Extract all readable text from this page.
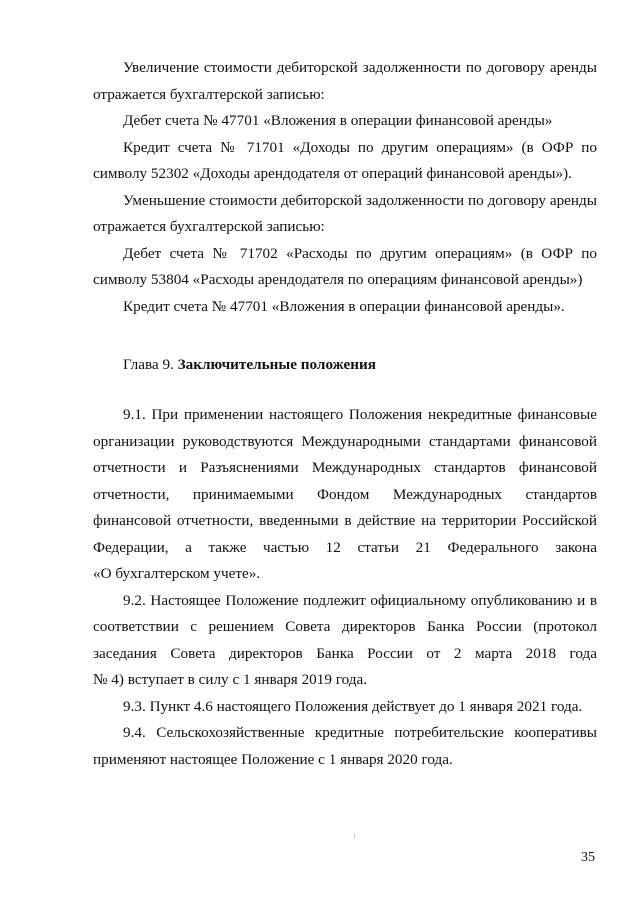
Увеличение стоимости дебиторской задолженности по договору аренды
отражается бухгалтерской записью:
Дебет счета № 47701 «Вложения в операции финансовой аренды»
Кредит счета № 71701 «Доходы по другим операциям» (в ОФР по
символу 52302 «Доходы арендодателя от операций финансовой аренды»).
Уменьшение стоимости дебиторской задолженности по договору аренды
отражается бухгалтерской записью:
Дебет счета № 71702 «Расходы по другим операциям» (в ОФР по
символу 53804 «Расходы арендодателя по операциям финансовой аренды»)
Кредит счета № 47701 «Вложения в операции финансовой аренды».
Глава 9. Заключительные положения
9.1. При применении настоящего Положения некредитные финансовые
организации руководствуются Международными стандартами финансовой
отчетности и Разъяснениями Международных стандартов финансовой
отчетности, принимаемыми Фондом Международных стандартов
финансовой отчетности, введенными в действие на территории Российской
Федерации, а также частью 12 статьи 21 Федерального закона
«О бухгалтерском учете».
9.2. Настоящее Положение подлежит официальному опубликованию и в
соответствии с решением Совета директоров Банка России (протокол
заседания Совета директоров Банка России от 2 марта 2018 года
№ 4) вступает в силу с 1 января 2019 года.
9.3. Пункт 4.6 настоящего Положения действует до 1 января 2021 года.
9.4. Сельскохозяйственные кредитные потребительские кооперативы
применяют настоящее Положение с 1 января 2020 года.
35
